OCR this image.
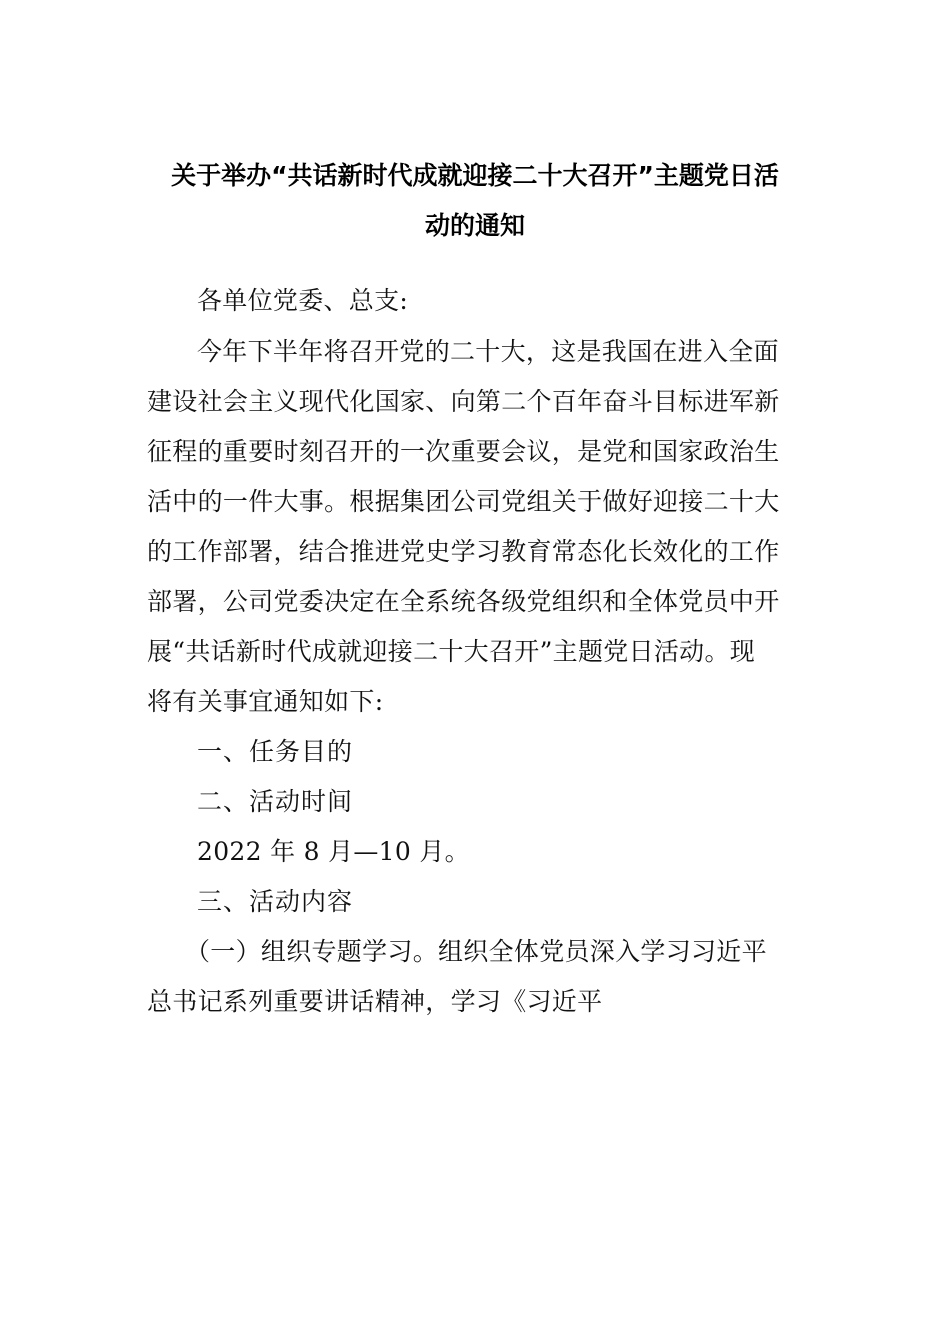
关于举办“共话新时代成就迎接二十大召开”主题党日活
动的通知
各单位党委、总支:
今年下半年将召开党的二十大，这是我国在进入全面
建设社会主义现代化国家、向第二个百年奋斗目标进军新
征程的重要时刻召开的一次重要会议，是党和国家政治生
活中的一件大事。根据集团公司党组关于做好迎接二十大
的工作部署，结合推进党史学习教育常态化长效化的工作
部署，公司党委决定在全系统各级党组织和全体党员中开
展“共话新时代成就迎接二十大召开”主题党日活动。现
将有关事宜通知如下:
一、任务目的
二、活动时间
2022 年 8 月—10 月。
三、活动内容
（一）组织专题学习。组织全体党员深入学习习近平
总书记系列重要讲话精神，学习《习近平
